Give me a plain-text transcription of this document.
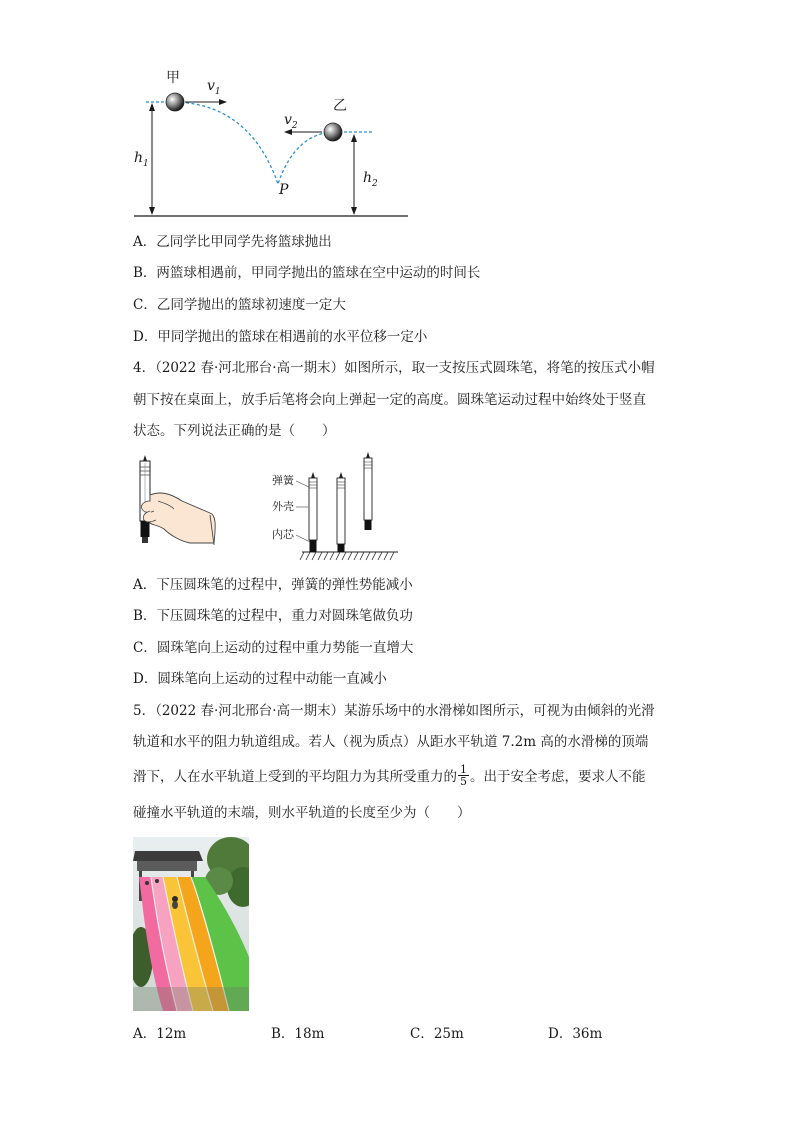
甲
乙
$v_1$
$v_2$
$h_1$
$h_2$
P
A．乙同学比甲同学先将篮球抛出
B．两篮球相遇前，甲同学抛出的篮球在空中运动的时间长
C．乙同学抛出的篮球初速度一定大
D．甲同学抛出的篮球在相遇前的水平位移一定小
4．（2022 春·河北邢台·高一期末）如图所示，取一支按压式圆珠笔，将笔的按压式小帽
朝下按在桌面上，放手后笔将会向上弹起一定的高度。圆珠笔运动过程中始终处于竖直
状态。下列说法正确的是（　　）
弹簧
外壳
内芯
A．下压圆珠笔的过程中，弹簧的弹性势能减小
B．下压圆珠笔的过程中，重力对圆珠笔做负功
C．圆珠笔向上运动的过程中重力势能一直增大
D．圆珠笔向上运动的过程中动能一直减小
5．（2022 春·河北邢台·高一期末）某游乐场中的水滑梯如图所示，可视为由倾斜的光滑
轨道和水平的阻力轨道组成。若人（视为质点）从距水平轨道 7.2m 高的水滑梯的顶端
滑下，人在水平轨道上受到的平均阻力为其所受重力的 $\frac{1}{5}$ 。出于安全考虑，要求人不能
碰撞水平轨道的末端，则水平轨道的长度至少为（　　）
A．12m	B．18m	C．25m	D．36m
